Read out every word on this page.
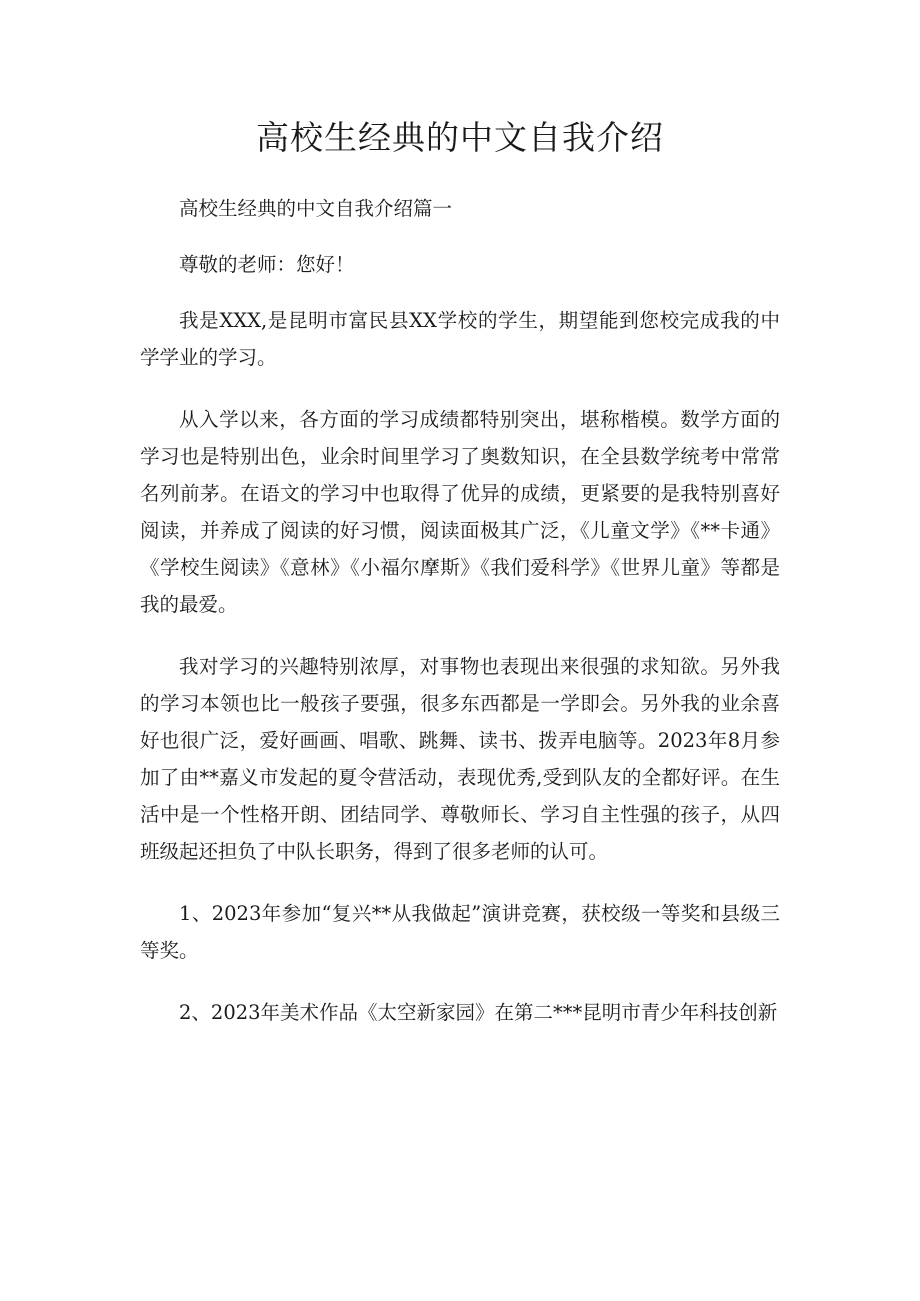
高校生经典的中文自我介绍

高校生经典的中文自我介绍篇一

尊敬的老师：您好！

我是XXX,是昆明市富民县XX学校的学生，期望能到您校完成我的中学学业的学习。

从入学以来，各方面的学习成绩都特别突出，堪称楷模。数学方面的学习也是特别出色，业余时间里学习了奥数知识，在全县数学统考中常常名列前茅。在语文的学习中也取得了优异的成绩，更紧要的是我特别喜好阅读，并养成了阅读的好习惯，阅读面极其广泛，《儿童文学》《**卡通》《学校生阅读》《意林》《小福尔摩斯》《我们爱科学》《世界儿童》等都是我的最爱。

我对学习的兴趣特别浓厚，对事物也表现出来很强的求知欲。另外我的学习本领也比一般孩子要强，很多东西都是一学即会。另外我的业余喜好也很广泛，爱好画画、唱歌、跳舞、读书、拨弄电脑等。2023年8月参加了由**嘉义市发起的夏令营活动，表现优秀,受到队友的全都好评。在生活中是一个性格开朗、团结同学、尊敬师长、学习自主性强的孩子，从四班级起还担负了中队长职务，得到了很多老师的认可。

1、2023年参加“复兴**从我做起”演讲竞赛，获校级一等奖和县级三等奖。

2、2023年美术作品《太空新家园》在第二***昆明市青少年科技创新
